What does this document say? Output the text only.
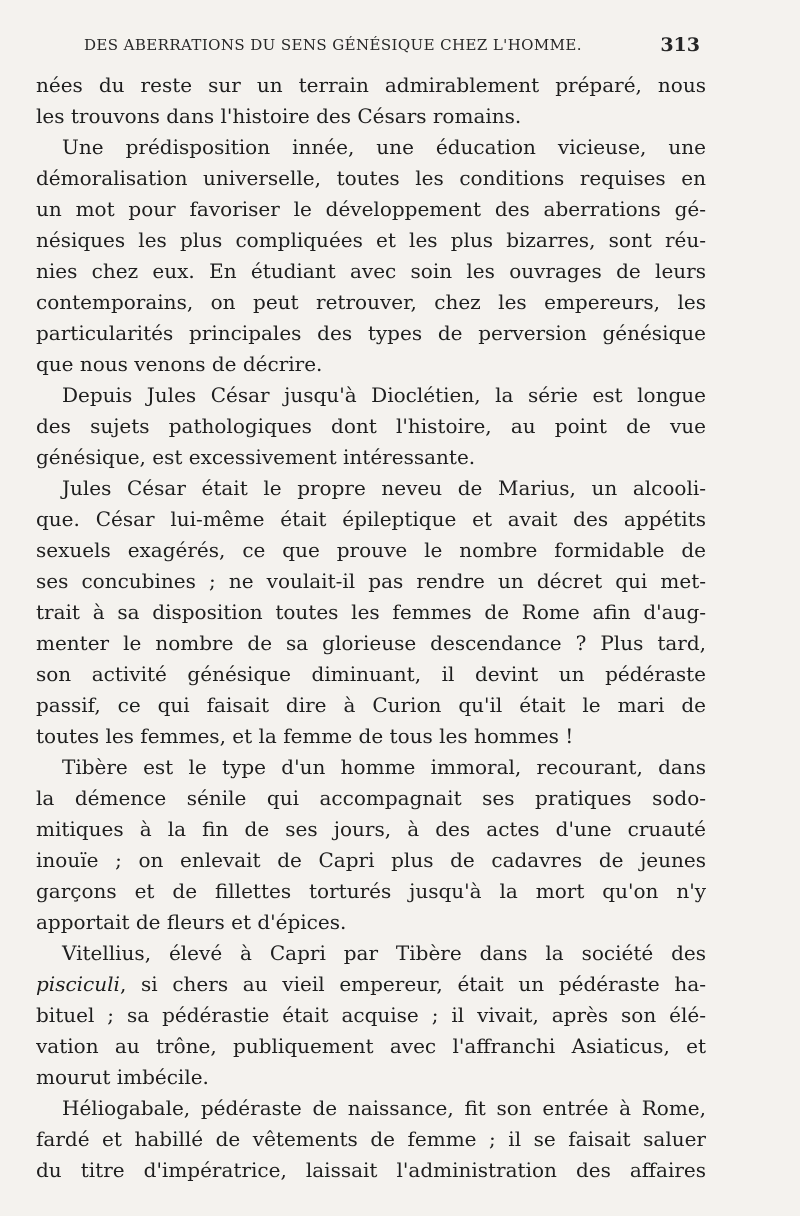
DES ABERRATIONS DU SENS GÉNÉSIQUE CHEZ L'HOMME.	313
nées du reste sur un terrain admirablement préparé, nous
les trouvons dans l'histoire des Césars romains.
Une prédisposition innée, une éducation vicieuse, une
démoralisation universelle, toutes les conditions requises en
un mot pour favoriser le développement des aberrations gé-
nésiques les plus compliquées et les plus bizarres, sont réu-
nies chez eux. En étudiant avec soin les ouvrages de leurs
contemporains, on peut retrouver, chez les empereurs, les
particularités principales des types de perversion génésique
que nous venons de décrire.
Depuis Jules César jusqu'à Dioclétien, la série est longue
des sujets pathologiques dont l'histoire, au point de vue
génésique, est excessivement intéressante.
Jules César était le propre neveu de Marius, un alcooli-
que. César lui-même était épileptique et avait des appétits
sexuels exagérés, ce que prouve le nombre formidable de
ses concubines ; ne voulait-il pas rendre un décret qui met-
trait à sa disposition toutes les femmes de Rome afin d'aug-
menter le nombre de sa glorieuse descendance ? Plus tard,
son activité génésique diminuant, il devint un pédéraste
passif, ce qui faisait dire à Curion qu'il était le mari de
toutes les femmes, et la femme de tous les hommes !
Tibère est le type d'un homme immoral, recourant, dans
la démence sénile qui accompagnait ses pratiques sodo-
mitiques à la fin de ses jours, à des actes d'une cruauté
inouïe ; on enlevait de Capri plus de cadavres de jeunes
garçons et de fillettes torturés jusqu'à la mort qu'on n'y
apportait de fleurs et d'épices.
Vitellius, élevé à Capri par Tibère dans la société des
pisciculi, si chers au vieil empereur, était un pédéraste ha-
bituel ; sa pédérastie était acquise ; il vivait, après son élé-
vation au trône, publiquement avec l'affranchi Asiaticus, et
mourut imbécile.
Héliogabale, pédéraste de naissance, fit son entrée à Rome,
fardé et habillé de vêtements de femme ; il se faisait saluer
du titre d'impératrice, laissait l'administration des affaires
